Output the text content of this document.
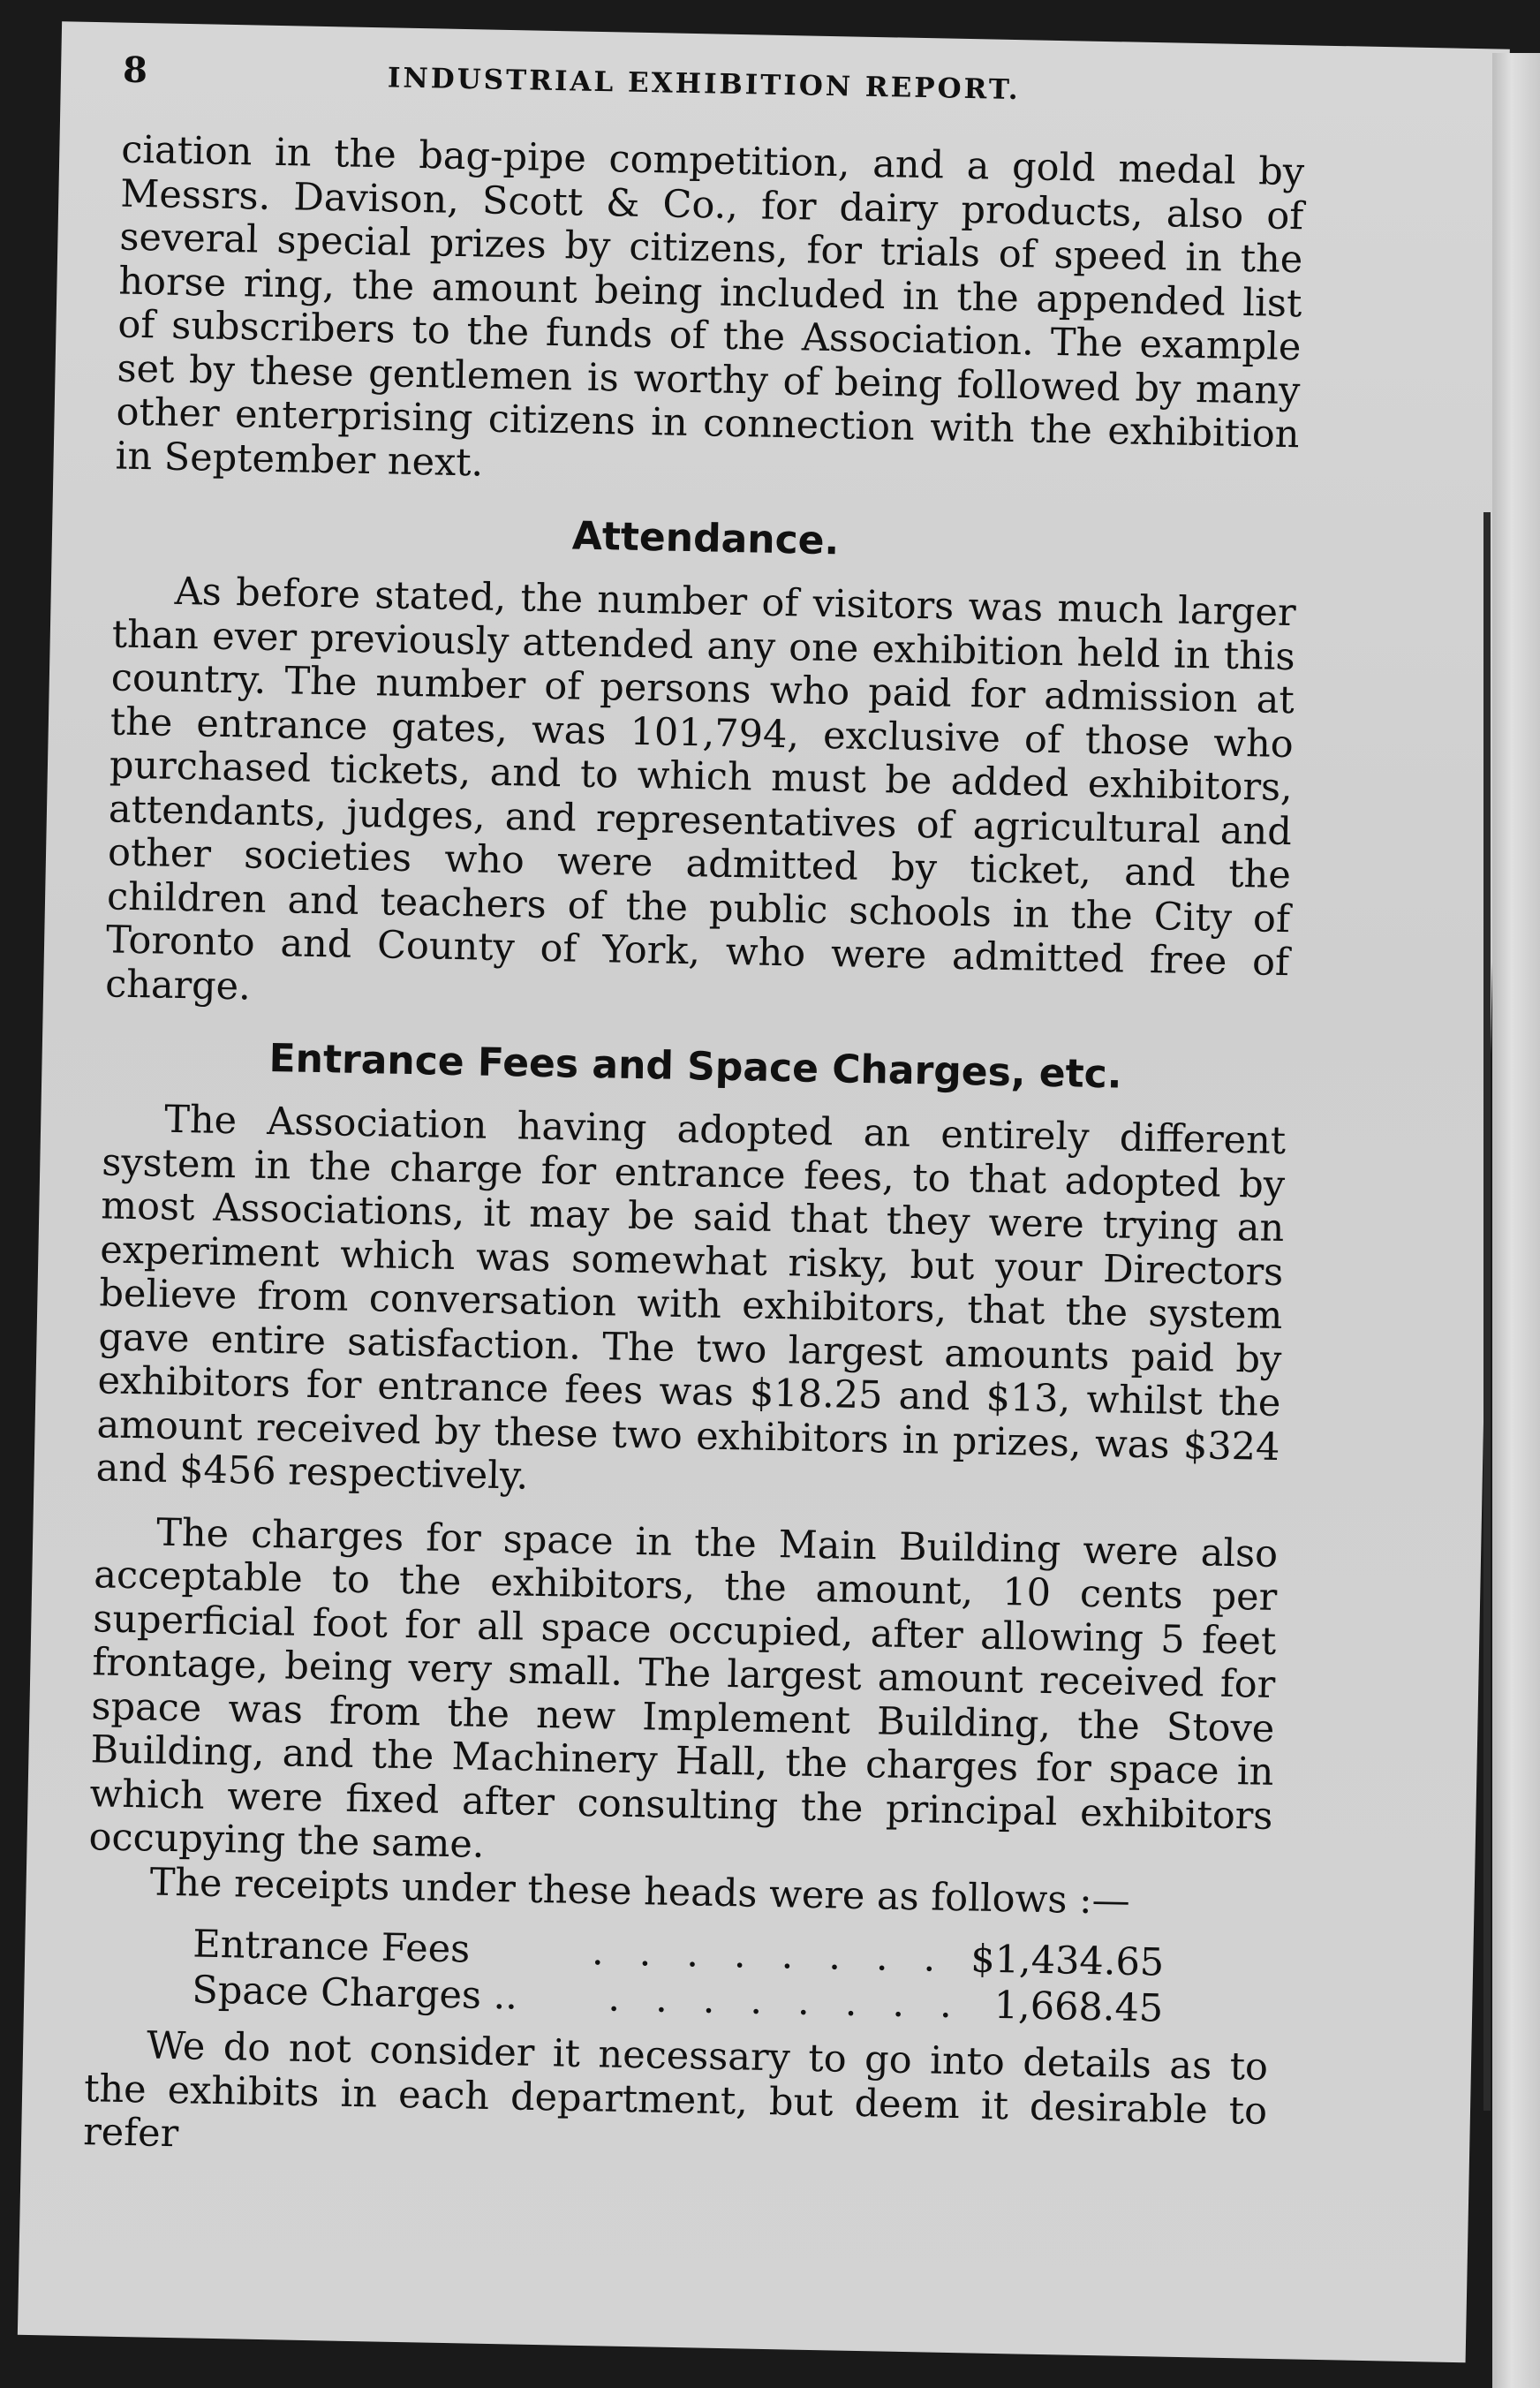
8	INDUSTRIAL EXHIBITION REPORT.

ciation in the bag-pipe competition, and a gold medal by Messrs. Davison, Scott & Co., for dairy products, also of several special prizes by citizens, for trials of speed in the horse ring, the amount being included in the appended list of subscribers to the funds of the Association. The example set by these gentlemen is worthy of being followed by many other enterprising citizens in connection with the exhibition in September next.

Attendance.

As before stated, the number of visitors was much larger than ever previously attended any one exhibition held in this country. The number of persons who paid for admission at the entrance gates, was 101,794, exclusive of those who purchased tickets, and to which must be added exhibitors, attendants, judges, and representatives of agricultural and other societies who were admitted by ticket, and the children and teachers of the public schools in the City of Toronto and County of York, who were admitted free of charge.

Entrance Fees and Space Charges, etc.

The Association having adopted an entirely different system in the charge for entrance fees, to that adopted by most Associations, it may be said that they were trying an experiment which was somewhat risky, but your Directors believe from conversation with exhibitors, that the system gave entire satisfaction. The two largest amounts paid by exhibitors for entrance fees was $18.25 and $13, whilst the amount received by these two exhibitors in prizes, was $324 and $456 respectively.

The charges for space in the Main Building were also acceptable to the exhibitors, the amount, 10 cents per superficial foot for all space occupied, after allowing 5 feet frontage, being very small. The largest amount received for space was from the new Implement Building, the Stove Building, and the Machinery Hall, the charges for space in which were fixed after consulting the principal exhibitors occupying the same.

The receipts under these heads were as follows :—

Entrance Fees	........ $1,434.65
Space Charges ..	........ 1,668.45

We do not consider it necessary to go into details as to the exhibits in each department, but deem it desirable to refer
